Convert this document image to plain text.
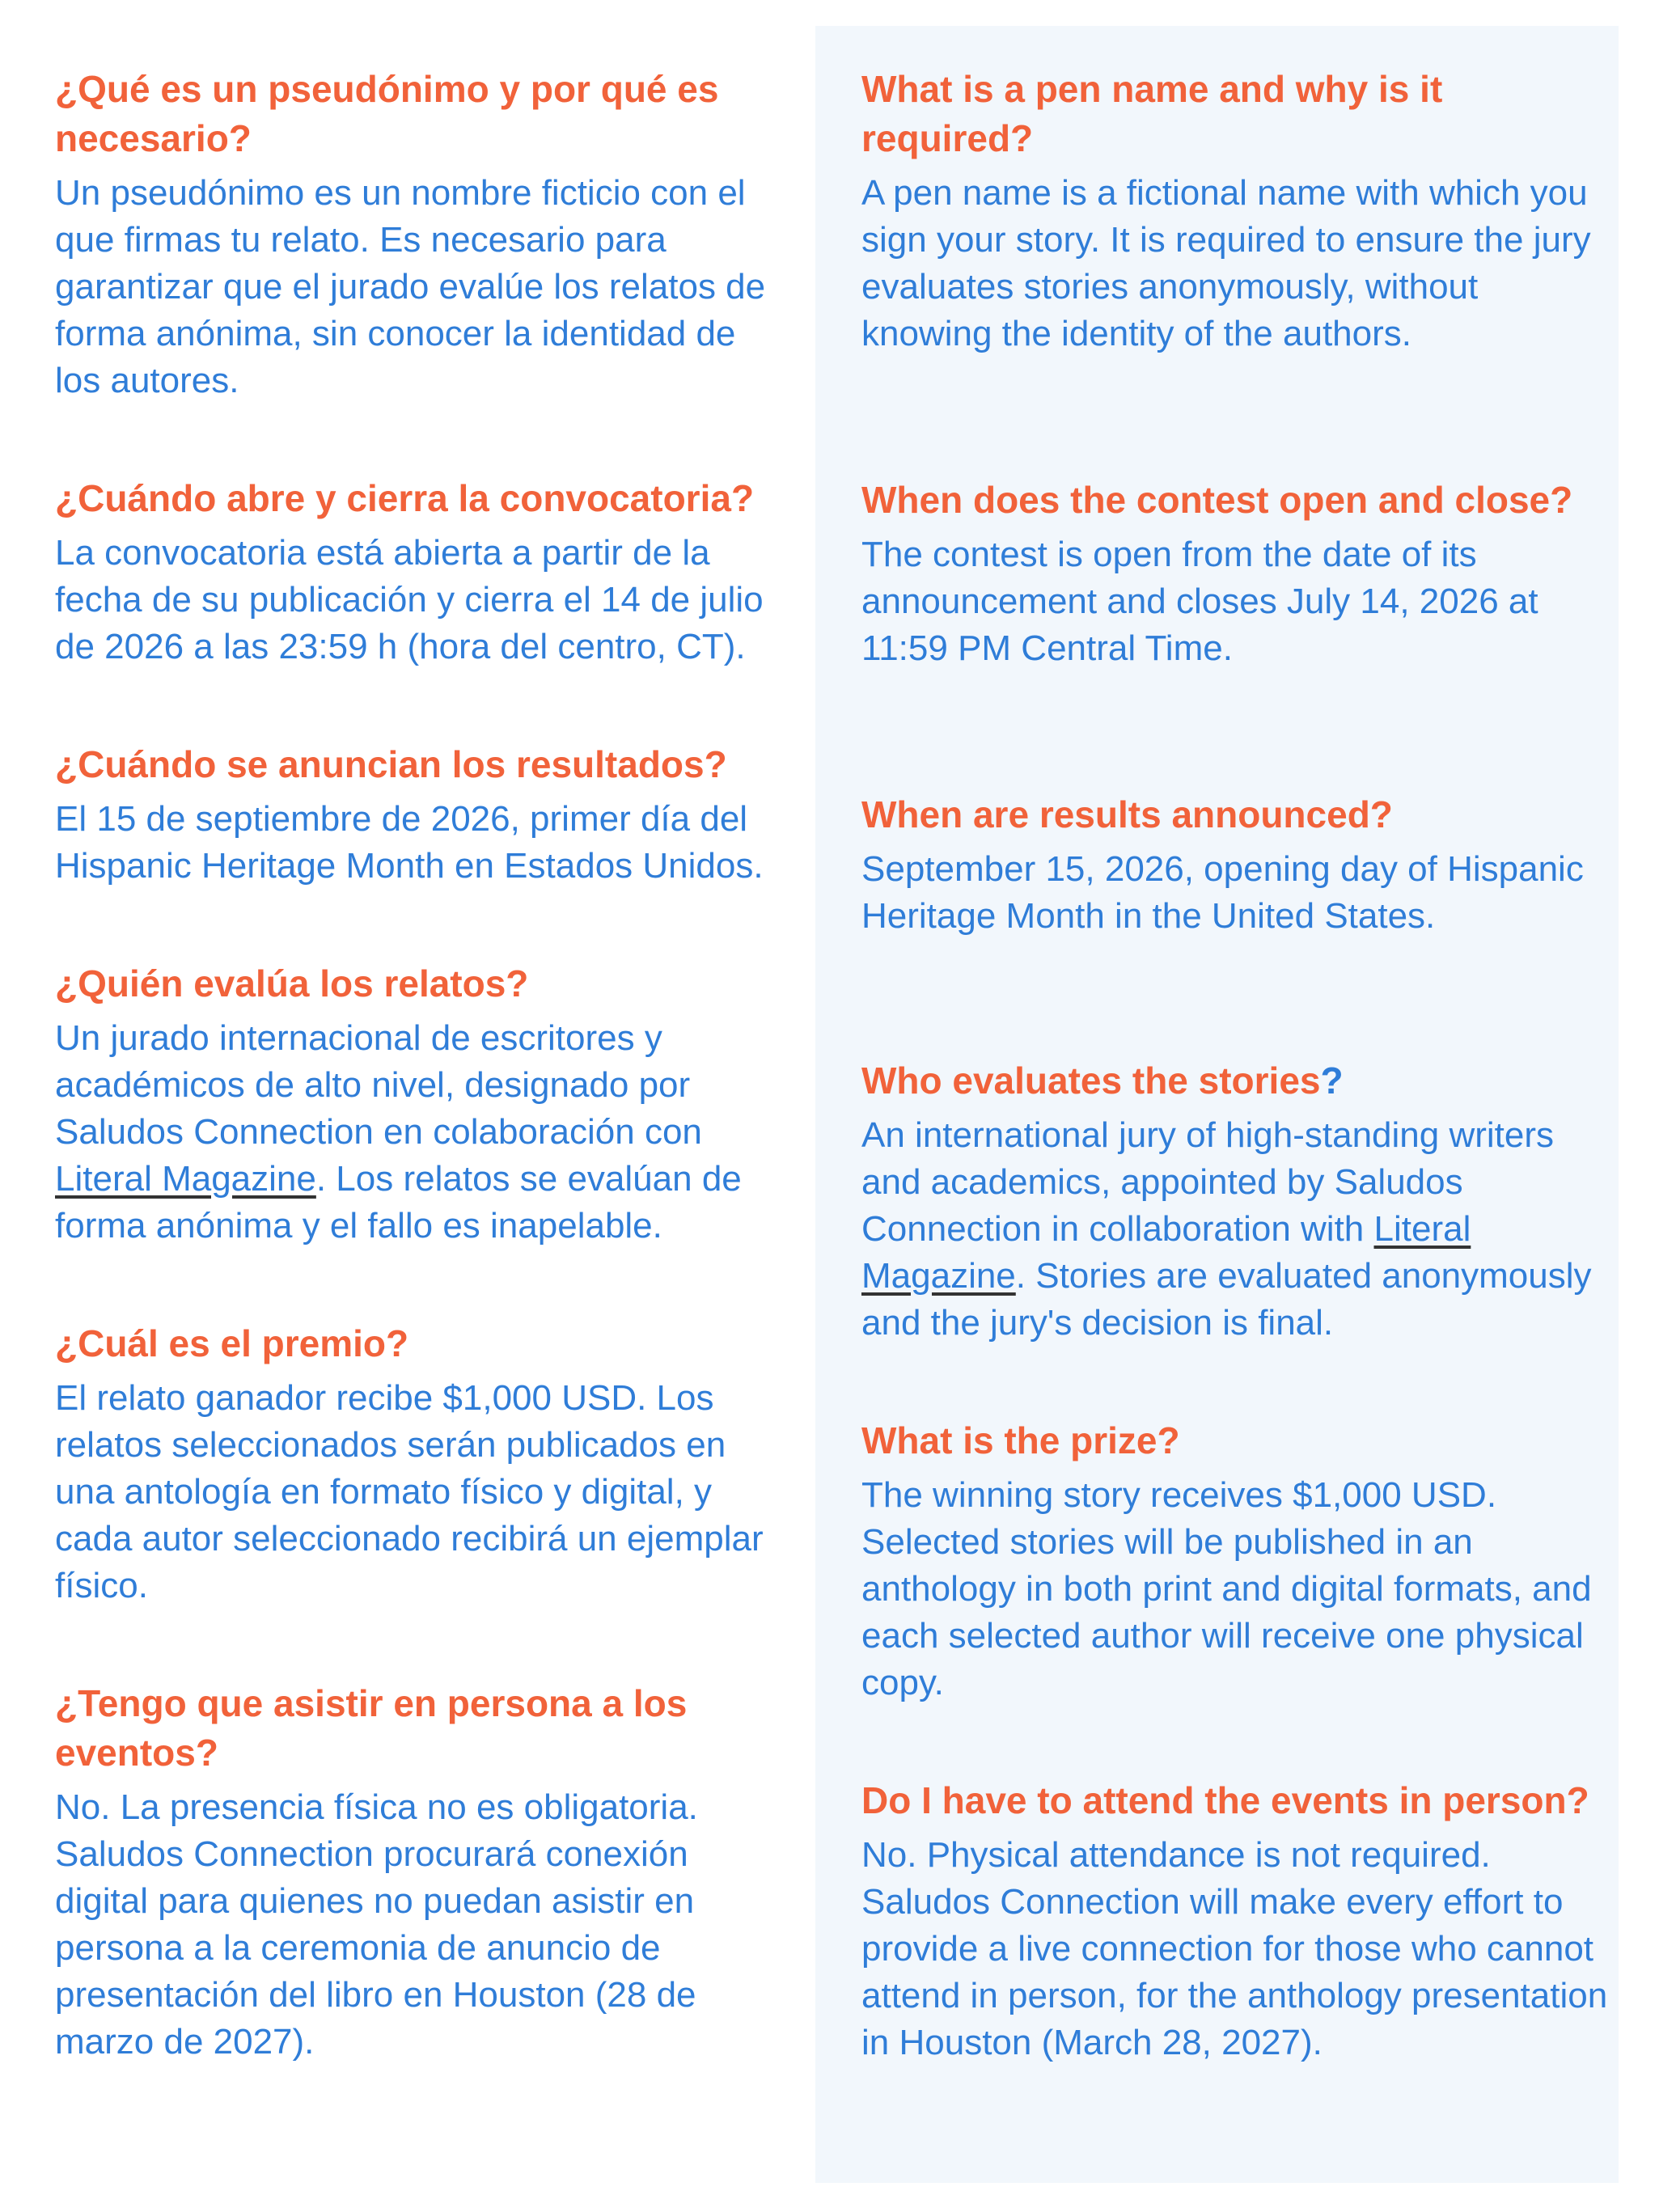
¿Qué es un pseudónimo y por qué es necesario?

Un pseudónimo es un nombre ficticio con el que firmas tu relato. Es necesario para garantizar que el jurado evalúe los relatos de forma anónima, sin conocer la identidad de los autores.

¿Cuándo abre y cierra la convocatoria?

La convocatoria está abierta a partir de la fecha de su publicación y cierra el 14 de julio de 2026 a las 23:59 h (hora del centro, CT).

¿Cuándo se anuncian los resultados?

El 15 de septiembre de 2026, primer día del Hispanic Heritage Month en Estados Unidos.

¿Quién evalúa los relatos?

Un jurado internacional de escritores y académicos de alto nivel, designado por Saludos Connection en colaboración con Literal Magazine. Los relatos se evalúan de forma anónima y el fallo es inapelable.

¿Cuál es el premio?

El relato ganador recibe $1,000 USD. Los relatos seleccionados serán publicados en una antología en formato físico y digital, y cada autor seleccionado recibirá un ejemplar físico.

¿Tengo que asistir en persona a los eventos?

No. La presencia física no es obligatoria. Saludos Connection procurará conexión digital para quienes no puedan asistir en persona a la ceremonia de anuncio de presentación del libro en Houston (28 de marzo de 2027).

What is a pen name and why is it required?

A pen name is a fictional name with which you sign your story. It is required to ensure the jury evaluates stories anonymously, without knowing the identity of the authors.

When does the contest open and close?

The contest is open from the date of its announcement and closes July 14, 2026 at 11:59 PM Central Time.

When are results announced?

September 15, 2026, opening day of Hispanic Heritage Month in the United States.

Who evaluates the stories?

An international jury of high-standing writers and academics, appointed by Saludos Connection in collaboration with Literal Magazine. Stories are evaluated anonymously and the jury's decision is final.

What is the prize?

The winning story receives $1,000 USD. Selected stories will be published in an anthology in both print and digital formats, and each selected author will receive one physical copy.

Do I have to attend the events in person?

No. Physical attendance is not required. Saludos Connection will make every effort to provide a live connection for those who cannot attend in person, for the anthology presentation in Houston (March 28, 2027).
